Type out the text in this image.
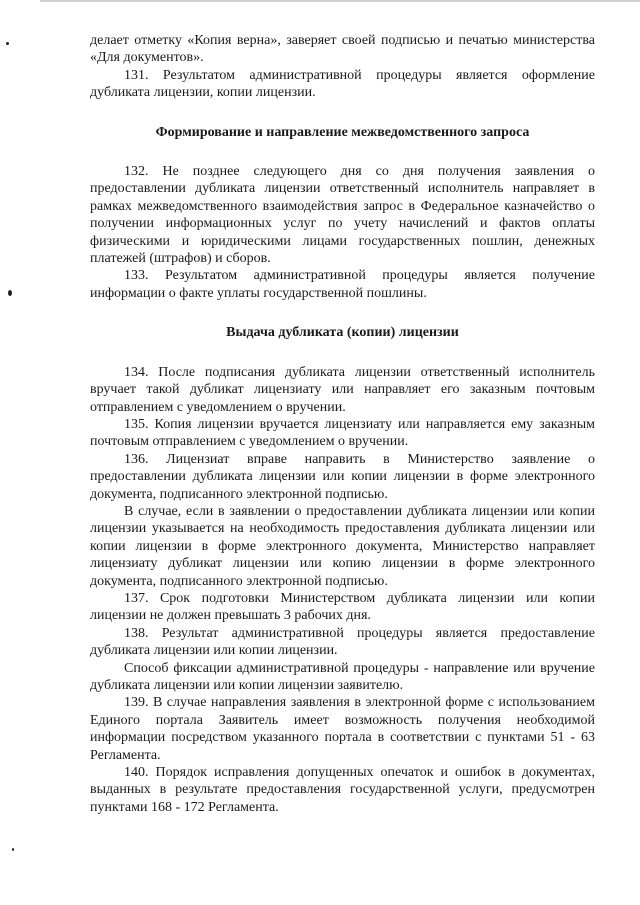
делает отметку «Копия верна», заверяет своей подписью и печатью министерства «Для документов».

131. Результатом административной процедуры является оформление дубликата лицензии, копии лицензии.

Формирование и направление межведомственного запроса

132. Не позднее следующего дня со дня получения заявления о предоставлении дубликата лицензии ответственный исполнитель направляет в рамках межведомственного взаимодействия запрос в Федеральное казначейство о получении информационных услуг по учету начислений и фактов оплаты физическими и юридическими лицами государственных пошлин, денежных платежей (штрафов) и сборов.

133. Результатом административной процедуры является получение информации о факте уплаты государственной пошлины.

Выдача дубликата (копии) лицензии

134. После подписания дубликата лицензии ответственный исполнитель вручает такой дубликат лицензиату или направляет его заказным почтовым отправлением с уведомлением о вручении.

135. Копия лицензии вручается лицензиату или направляется ему заказным почтовым отправлением с уведомлением о вручении.

136. Лицензиат вправе направить в Министерство заявление о предоставлении дубликата лицензии или копии лицензии в форме электронного документа, подписанного электронной подписью.

В случае, если в заявлении о предоставлении дубликата лицензии или копии лицензии указывается на необходимость предоставления дубликата лицензии или копии лицензии в форме электронного документа, Министерство направляет лицензиату дубликат лицензии или копию лицензии в форме электронного документа, подписанного электронной подписью.

137. Срок подготовки Министерством дубликата лицензии или копии лицензии не должен превышать 3 рабочих дня.

138. Результат административной процедуры является предоставление дубликата лицензии или копии лицензии.

Способ фиксации административной процедуры - направление или вручение дубликата лицензии или копии лицензии заявителю.

139. В случае направления заявления в электронной форме с использованием Единого портала Заявитель имеет возможность получения необходимой информации посредством указанного портала в соответствии с пунктами 51 - 63 Регламента.

140. Порядок исправления допущенных опечаток и ошибок в документах, выданных в результате предоставления государственной услуги, предусмотрен пунктами 168 - 172 Регламента.
